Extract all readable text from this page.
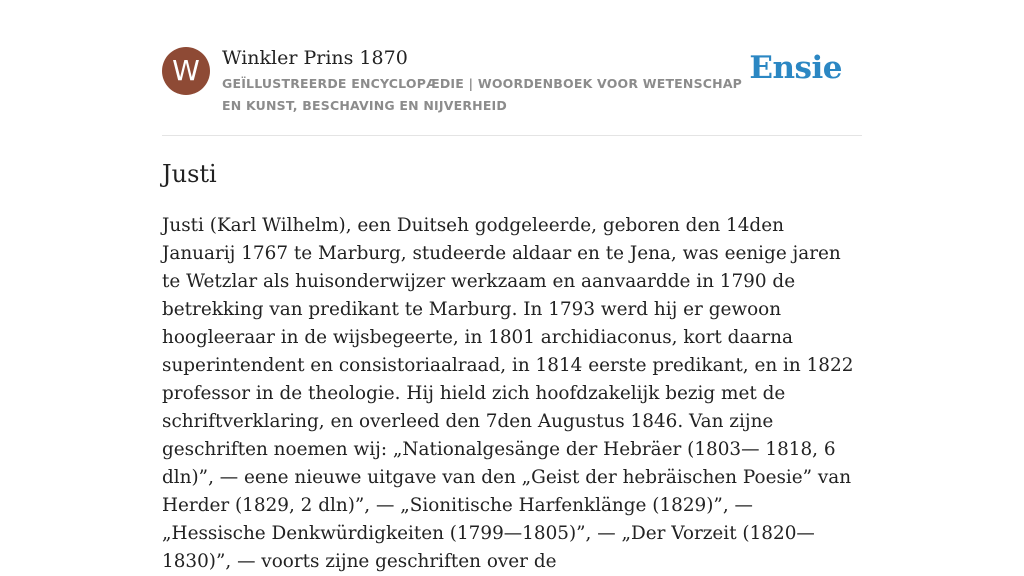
W	Winkler Prins 1870
GEÏLLUSTREERDE ENCYCLOPÆDIE | WOORDENBOEK VOOR WETENSCHAP EN KUNST, BESCHAVING EN NIJVERHEID
Ensie
Justi

Justi (Karl Wilhelm), een Duitseh godgeleerde, geboren den 14den Januarij 1767 te Marburg, studeerde aldaar en te Jena, was eenige jaren te Wetzlar als huisonderwijzer werkzaam en aanvaardde in 1790 de betrekking van predikant te Marburg. In 1793 werd hij er gewoon hoogleeraar in de wijsbegeerte, in 1801 archidiaconus, kort daarna superintendent en consistoriaalraad, in 1814 eerste predikant, en in 1822 professor in de theologie. Hij hield zich hoofdzakelijk bezig met de schriftverklaring, en overleed den 7den Augustus 1846. Van zijne geschriften noemen wij: „Nationalgesänge der Hebräer (1803— 1818, 6 dln)”, — eene nieuwe uitgave van den „Geist der hebräischen Poesie” van Herder (1829, 2 dln)”, — „Sionitische Harfenklänge (1829)”, — „Hessische Denkwürdigkeiten (1799—1805)”, — „Der Vorzeit (1820—1830)”, — voorts zijne geschriften over de
